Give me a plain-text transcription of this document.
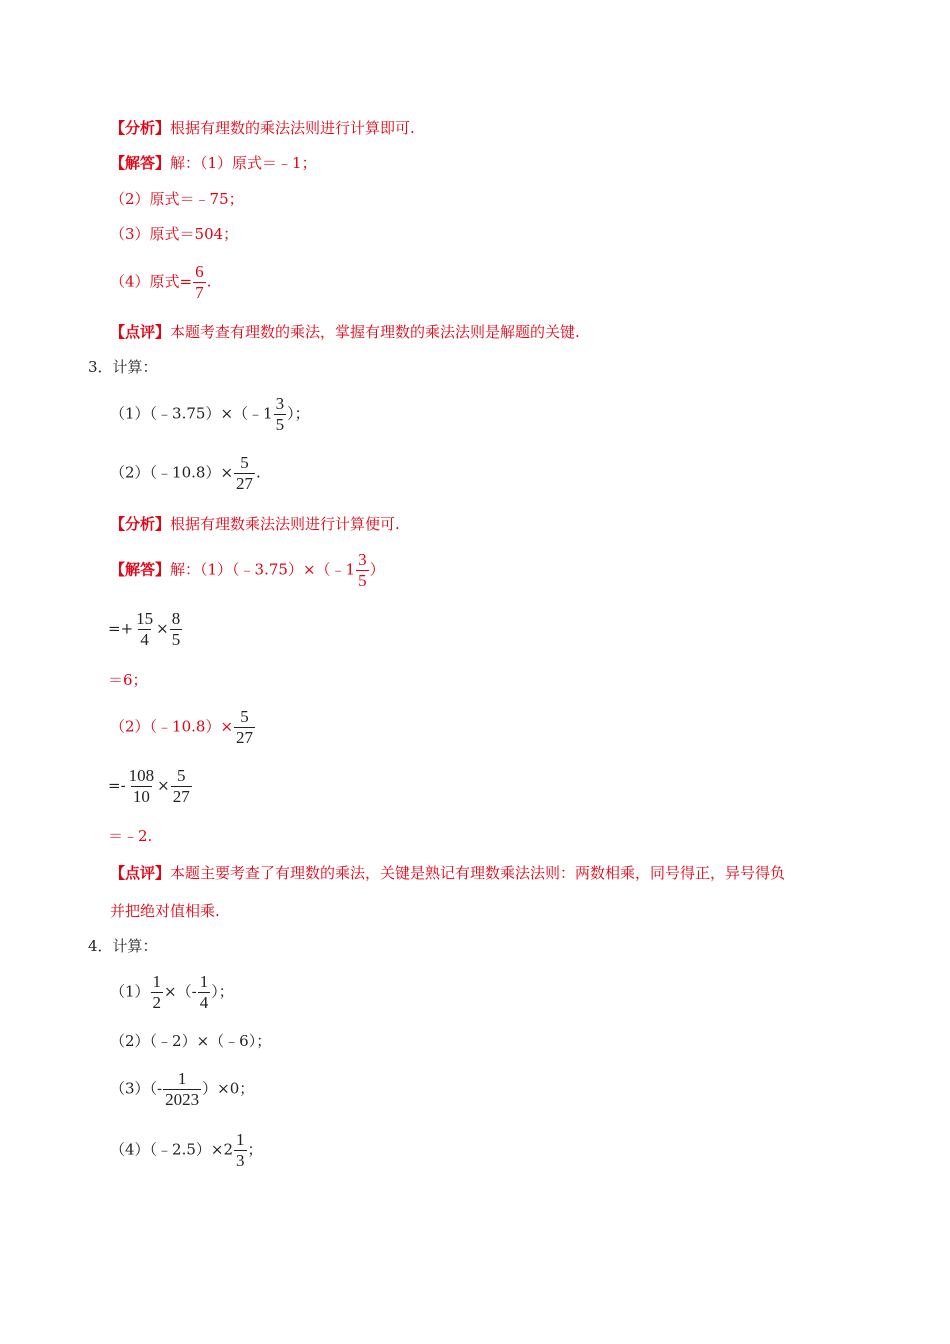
【分析】根据有理数的乘法法则进行计算即可.
【解答】解：（1）原式＝﹣1；
（2）原式＝﹣75；
（3）原式＝504；
（4）原式= $\frac{6}{7}$ .
【点评】本题考查有理数的乘法，掌握有理数的乘法法则是解题的关键.
3．计算：
（1）（﹣3.75）×（﹣1 $\frac{3}{5}$ ）；
（2）（﹣10.8）× $\frac{5}{27}$ .
【分析】根据有理数乘法法则进行计算便可.
【解答】解：（1）（﹣3.75）×（﹣1 $\frac{3}{5}$ ）
=+ $\frac{15}{4} \times \frac{8}{5}$
＝6；
（2）（﹣10.8）× $\frac{5}{27}$
=- $\frac{108}{10} \times \frac{5}{27}$
＝﹣2.
【点评】本题主要考查了有理数的乘法，关键是熟记有理数乘法法则：两数相乘，同号得正，异号得负
并把绝对值相乘.
4．计算：
$(1) \frac{1}{2}$ ×（- $\frac{1}{4}$ ）；
（2）（﹣2）×（﹣6）；
$(3)(- \frac{1}{2023} )\times 0$；
（4）（﹣2.5）×2 $\frac{1}{3}$ ；
